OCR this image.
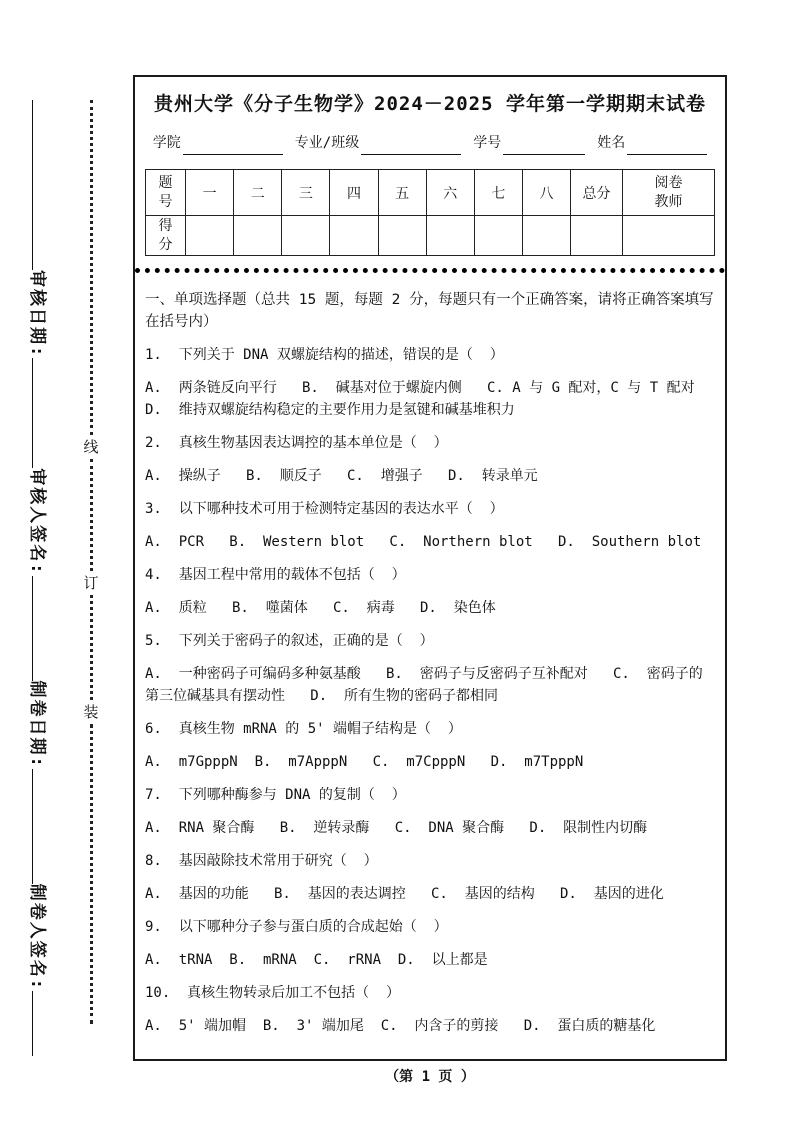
审核日期:审核人签名:制卷日期:制卷人签名:
线
订
装
贵州大学《分子生物学》2024－2025 学年第一学期期末试卷
学院	专业/班级	学号	姓名
题号	一	二	三	四	五	六	七	八	总分	阅卷教师
得分										

一、单项选择题（总共 15 题，每题 2 分，每题只有一个正确答案，请将正确答案填写在括号内）

1.  下列关于 DNA 双螺旋结构的描述，错误的是（  ）

A.  两条链反向平行   B.  碱基对位于螺旋内侧   C. A 与 G 配对，C 与 T 配对   D.  维持双螺旋结构稳定的主要作用力是氢键和碱基堆积力

2.  真核生物基因表达调控的基本单位是（  ）

A.  操纵子   B.  顺反子   C.  增强子   D.  转录单元

3.  以下哪种技术可用于检测特定基因的表达水平（  ）

A.  PCR   B.  Western blot   C.  Northern blot   D.  Southern blot

4.  基因工程中常用的载体不包括（  ）

A.  质粒   B.  噬菌体   C.  病毒   D.  染色体

5.  下列关于密码子的叙述，正确的是（  ）

A.  一种密码子可编码多种氨基酸   B.  密码子与反密码子互补配对   C.  密码子的第三位碱基具有摆动性   D.  所有生物的密码子都相同

6.  真核生物 mRNA 的 5' 端帽子结构是（  ）

A.  m7GpppN  B.  m7ApppN   C.  m7CpppN   D.  m7TpppN

7.  下列哪种酶参与 DNA 的复制（  ）

A.  RNA 聚合酶   B.  逆转录酶   C.  DNA 聚合酶   D.  限制性内切酶

8.  基因敲除技术常用于研究（  ）

A.  基因的功能   B.  基因的表达调控   C.  基因的结构   D.  基因的进化

9.  以下哪种分子参与蛋白质的合成起始（  ）

A.  tRNA  B.  mRNA  C.  rRNA  D.  以上都是

10.  真核生物转录后加工不包括（  ）

A.  5' 端加帽  B.  3' 端加尾  C.  内含子的剪接   D.  蛋白质的糖基化

（第 1 页 ）
